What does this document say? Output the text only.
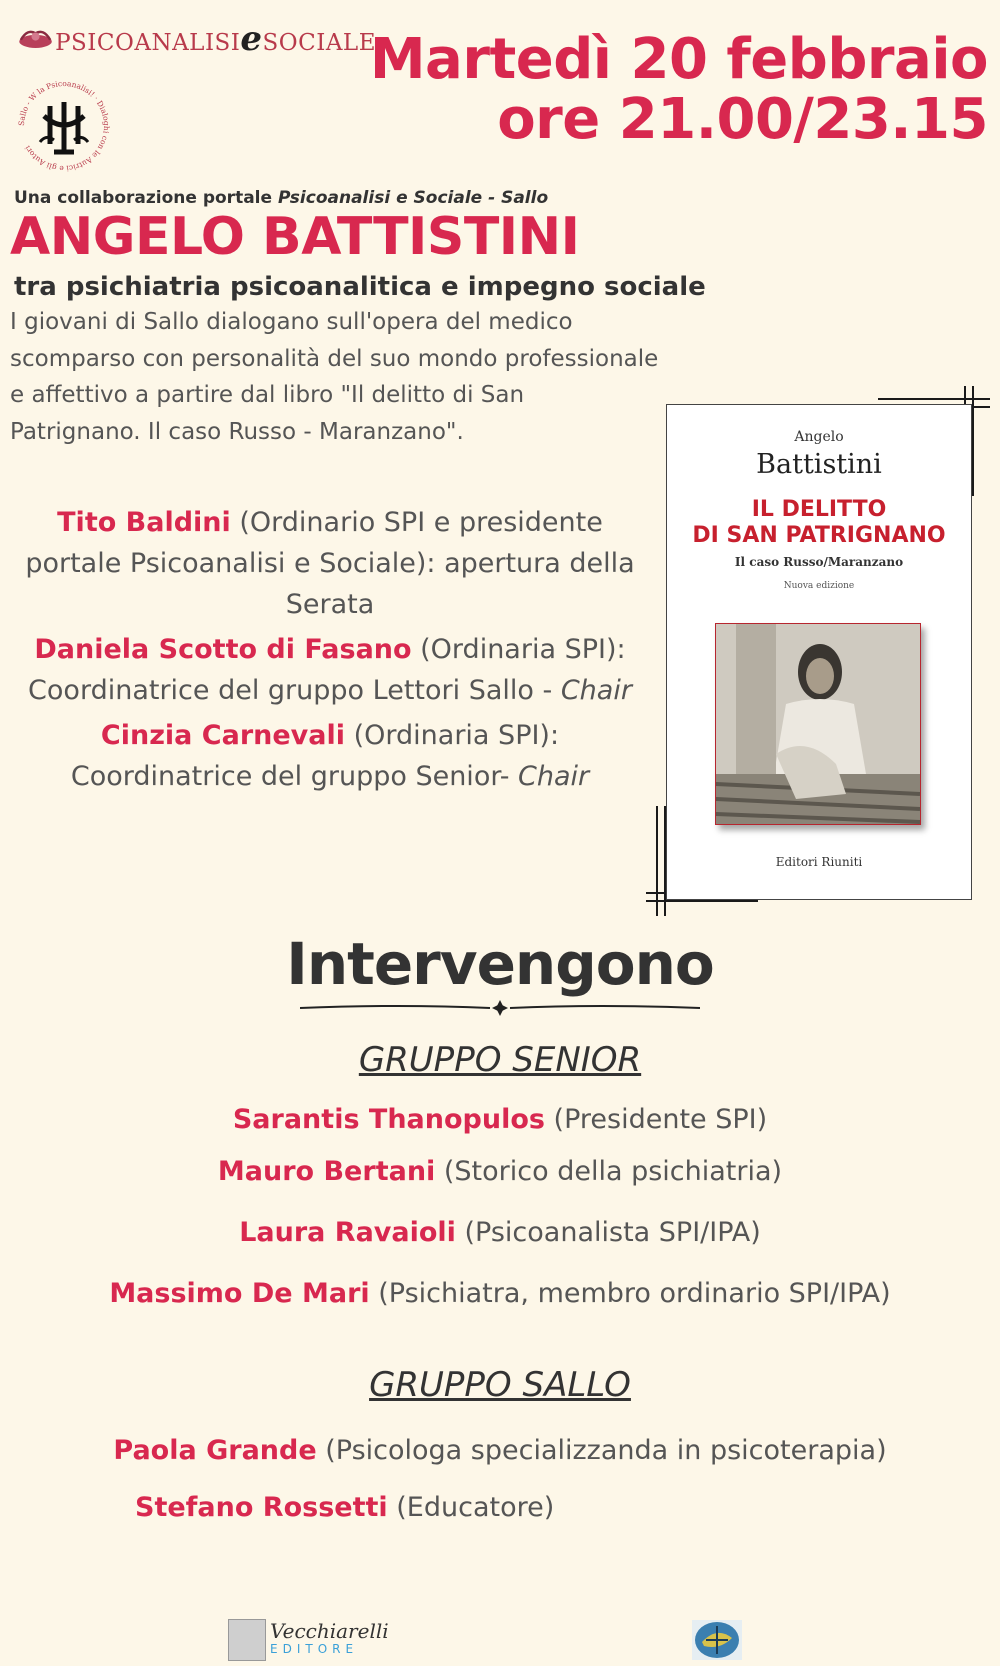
PSICOANALISIeSOCIALE
Sallo - W la Psicoanalisi! · Dialoghi con le Autrici e gli Autori
Martedì 20 febbraio
ore 21.00/23.15
Una collaborazione portale Psicoanalisi e Sociale - Sallo
ANGELO BATTISTINI
tra psichiatria psicoanalitica e impegno sociale
I giovani di Sallo dialogano sull'opera del medico scomparso con personalità del suo mondo professionale e affettivo a partire dal libro "Il delitto di San Patrignano. Il caso Russo - Maranzano".
Tito Baldini (Ordinario SPI e presidente portale Psicoanalisi e Sociale): apertura della Serata
Daniela Scotto di Fasano (Ordinaria SPI): Coordinatrice del gruppo Lettori Sallo - Chair
Cinzia Carnevali (Ordinaria SPI): Coordinatrice del gruppo Senior- Chair
Angelo
Battistini
IL DELITTO
DI SAN PATRIGNANO
Il caso Russo/Maranzano
Nuova edizione
Editori Riuniti
Intervengono
GRUPPO SENIOR
Sarantis Thanopulos (Presidente SPI)
Mauro Bertani (Storico della psichiatria)
Laura Ravaioli (Psicoanalista SPI/IPA)
Massimo De Mari (Psichiatra, membro ordinario SPI/IPA)
GRUPPO SALLO
Paola Grande (Psicologa specializzanda in psicoterapia)
Stefano Rossetti (Educatore)
Vecchiarelli
EDITORE
